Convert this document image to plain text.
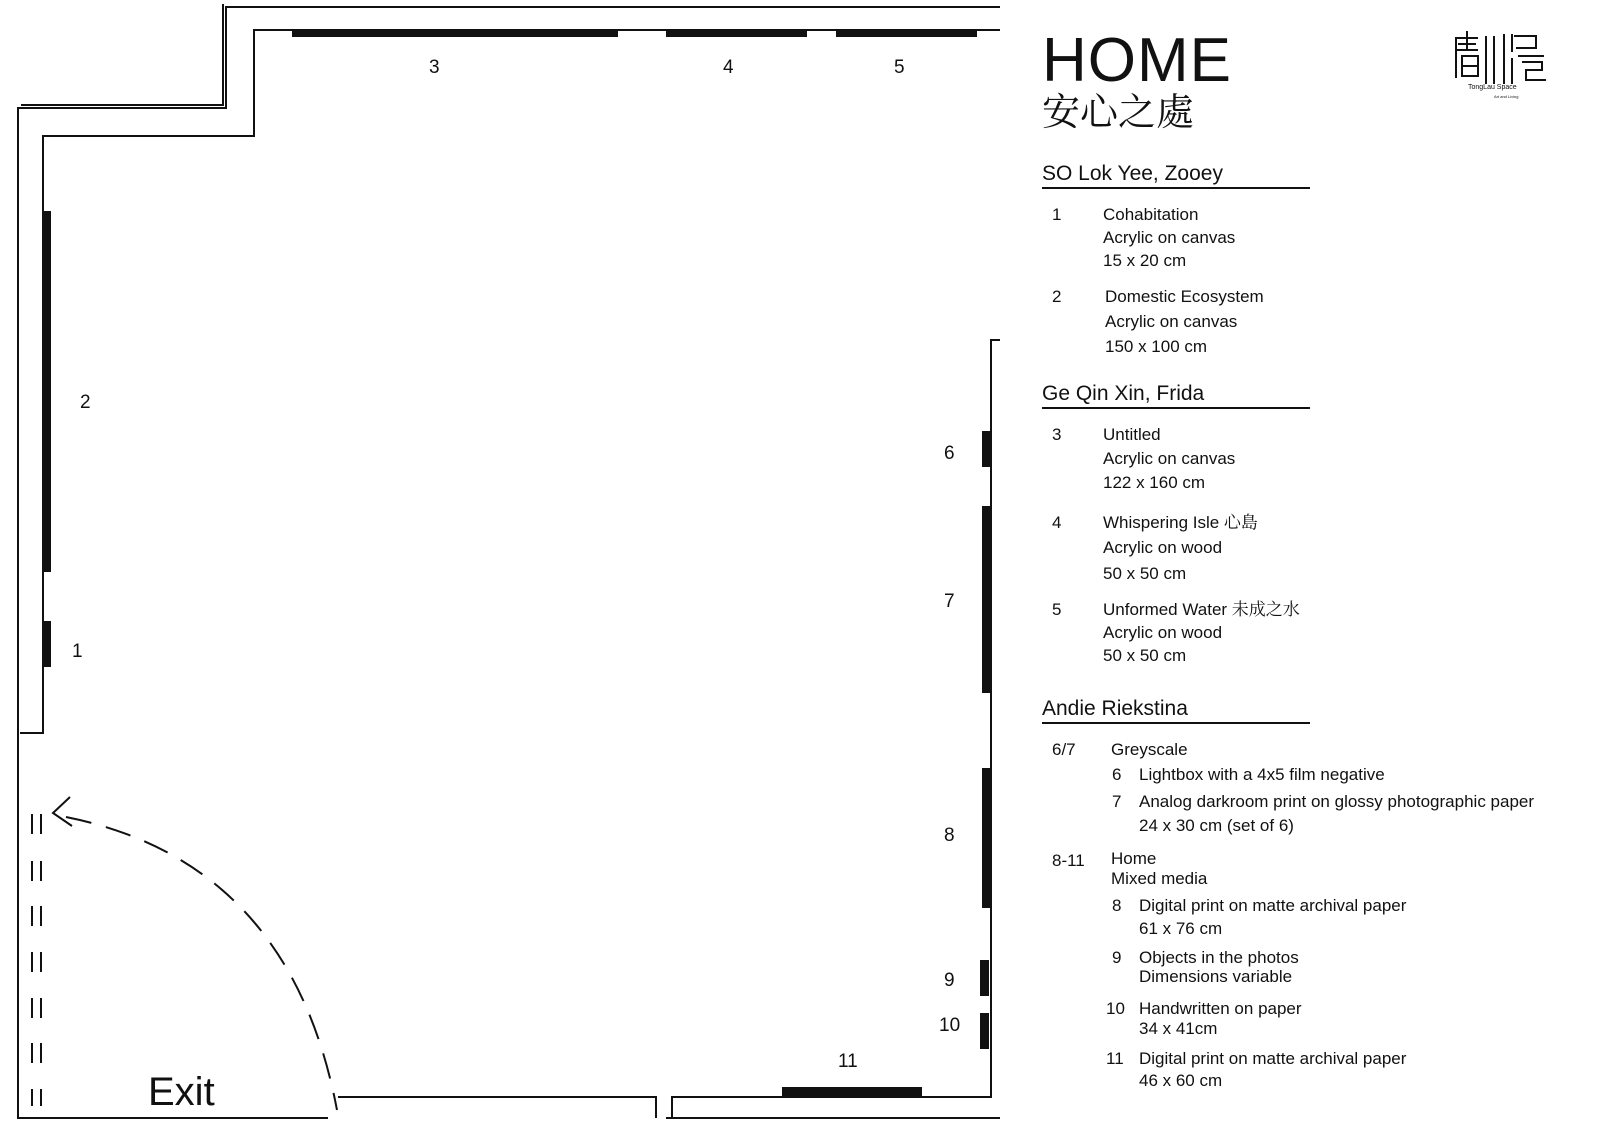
3	4	5
2
1
6
7
8
9
10
11
Exit
HOME
安心之處
TongLau Space
Art and Living
SO Lok Yee, Zooey
1 Cohabitation
Acrylic on canvas
15 x 20 cm
2	Domestic Ecosystem
Acrylic on canvas
150 x 100 cm
Ge Qin Xin, Frida
3 Untitled
Acrylic on canvas
122 x 160 cm
4 Whispering Isle 心島
Acrylic on wood
50 x 50 cm
5 Unformed Water 未成之水
Acrylic on wood
50 x 50 cm
Andie Riekstina
6/7 Greyscale
6 Lightbox with a 4x5 film negative
7 Analog darkroom print on glossy photographic paper
24 x 30 cm (set of 6)
8-11 Home
Mixed media
8 Digital print on matte archival paper
61 x 76 cm
9 Objects in the photos
Dimensions variable
10 Handwritten on paper
34 x 41cm
11 Digital print on matte archival paper
46 x 60 cm
